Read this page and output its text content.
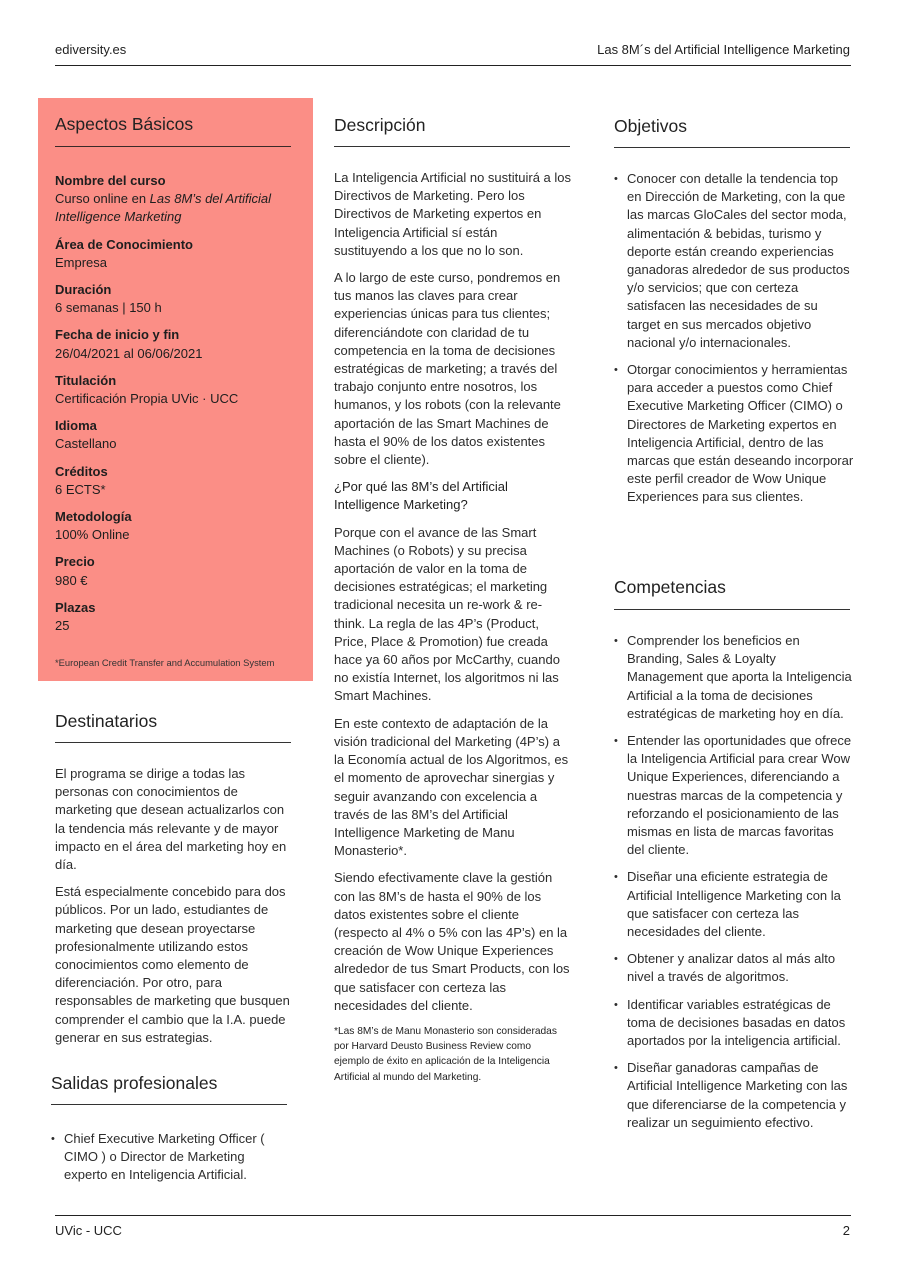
ediversity.es	Las 8M´s del Artificial Intelligence Marketing
Aspectos Básicos
Nombre del curso
Curso online en Las 8M’s del Artificial Intelligence Marketing
Área de Conocimiento
Empresa
Duración
6 semanas | 150 h
Fecha de inicio y fin
26/04/2021 al 06/06/2021
Titulación
Certificación Propia UVic · UCC
Idioma
Castellano
Créditos
6 ECTS*
Metodología
100% Online
Precio
980 €
Plazas
25
*European Credit Transfer and Accumulation System
Destinatarios

El programa se dirige a todas las personas con conocimientos de marketing que desean actualizarlos con la tendencia más relevante y de mayor impacto en el área del marketing hoy en día.

Está especialmente concebido para dos públicos. Por un lado, estudiantes de marketing que desean proyectarse profesionalmente utilizando estos conocimientos como elemento de diferenciación. Por otro, para responsables de marketing que busquen comprender el cambio que la I.A. puede generar en sus estrategias.

Salidas profesionales
• Chief Executive Marketing Officer ( CIMO ) o Director de Marketing experto en Inteligencia Artificial.
Descripción

La Inteligencia Artificial no sustituirá a los Directivos de Marketing. Pero los Directivos de Marketing expertos en Inteligencia Artificial sí están sustituyendo a los que no lo son.

A lo largo de este curso, pondremos en tus manos las claves para crear experiencias únicas para tus clientes; diferenciándote con claridad de tu competencia en la toma de decisiones estratégicas de marketing; a través del trabajo conjunto entre nosotros, los humanos, y los robots (con la relevante aportación de las Smart Machines de hasta el 90% de los datos existentes sobre el cliente).

¿Por qué las 8M’s del Artificial Intelligence Marketing?

Porque con el avance de las Smart Machines (o Robots) y su precisa aportación de valor en la toma de decisiones estratégicas; el marketing tradicional necesita un re-work & re-think. La regla de las 4P’s (Product, Price, Place & Promotion) fue creada hace ya 60 años por McCarthy, cuando no existía Internet, los algoritmos ni las Smart Machines.

En este contexto de adaptación de la visión tradicional del Marketing (4P’s) a la Economía actual de los Algoritmos, es el momento de aprovechar sinergias y seguir avanzando con excelencia a través de las 8M’s del Artificial Intelligence Marketing de Manu Monasterio*.

Siendo efectivamente clave la gestión con las 8M’s de hasta el 90% de los datos existentes sobre el cliente (respecto al 4% o 5% con las 4P’s) en la creación de Wow Unique Experiences alrededor de tus Smart Products, con los que satisfacer con certeza las necesidades del cliente.

*Las 8M’s de Manu Monasterio son consideradas por Harvard Deusto Business Review como ejemplo de éxito en aplicación de la Inteligencia Artificial al mundo del Marketing.
Objetivos
• Conocer con detalle la tendencia top en Dirección de Marketing, con la que las marcas GloCales del sector moda, alimentación & bebidas, turismo y deporte están creando experiencias ganadoras alrededor de sus productos y/o servicios; que con certeza satisfacen las necesidades de su target en sus mercados objetivo nacional y/o internacionales.
• Otorgar conocimientos y herramientas para acceder a puestos como Chief Executive Marketing Officer (CIMO) o Directores de Marketing expertos en Inteligencia Artificial, dentro de las marcas que están deseando incorporar este perfil creador de Wow Unique Experiences para sus clientes.
Competencias
• Comprender los beneficios en Branding, Sales & Loyalty Management que aporta la Inteligencia Artificial a la toma de decisiones estratégicas de marketing hoy en día.
• Entender las oportunidades que ofrece la Inteligencia Artificial para crear Wow Unique Experiences, diferenciando a nuestras marcas de la competencia y reforzando el posicionamiento de las mismas en lista de marcas favoritas del cliente.
• Diseñar una eficiente estrategia de Artificial Intelligence Marketing con la que satisfacer con certeza las necesidades del cliente.
• Obtener y analizar datos al más alto nivel a través de algoritmos.
• Identificar variables estratégicas de toma de decisiones basadas en datos aportados por la inteligencia artificial.
• Diseñar ganadoras campañas de Artificial Intelligence Marketing con las que diferenciarse de la competencia y realizar un seguimiento efectivo.
UVic - UCC	2
